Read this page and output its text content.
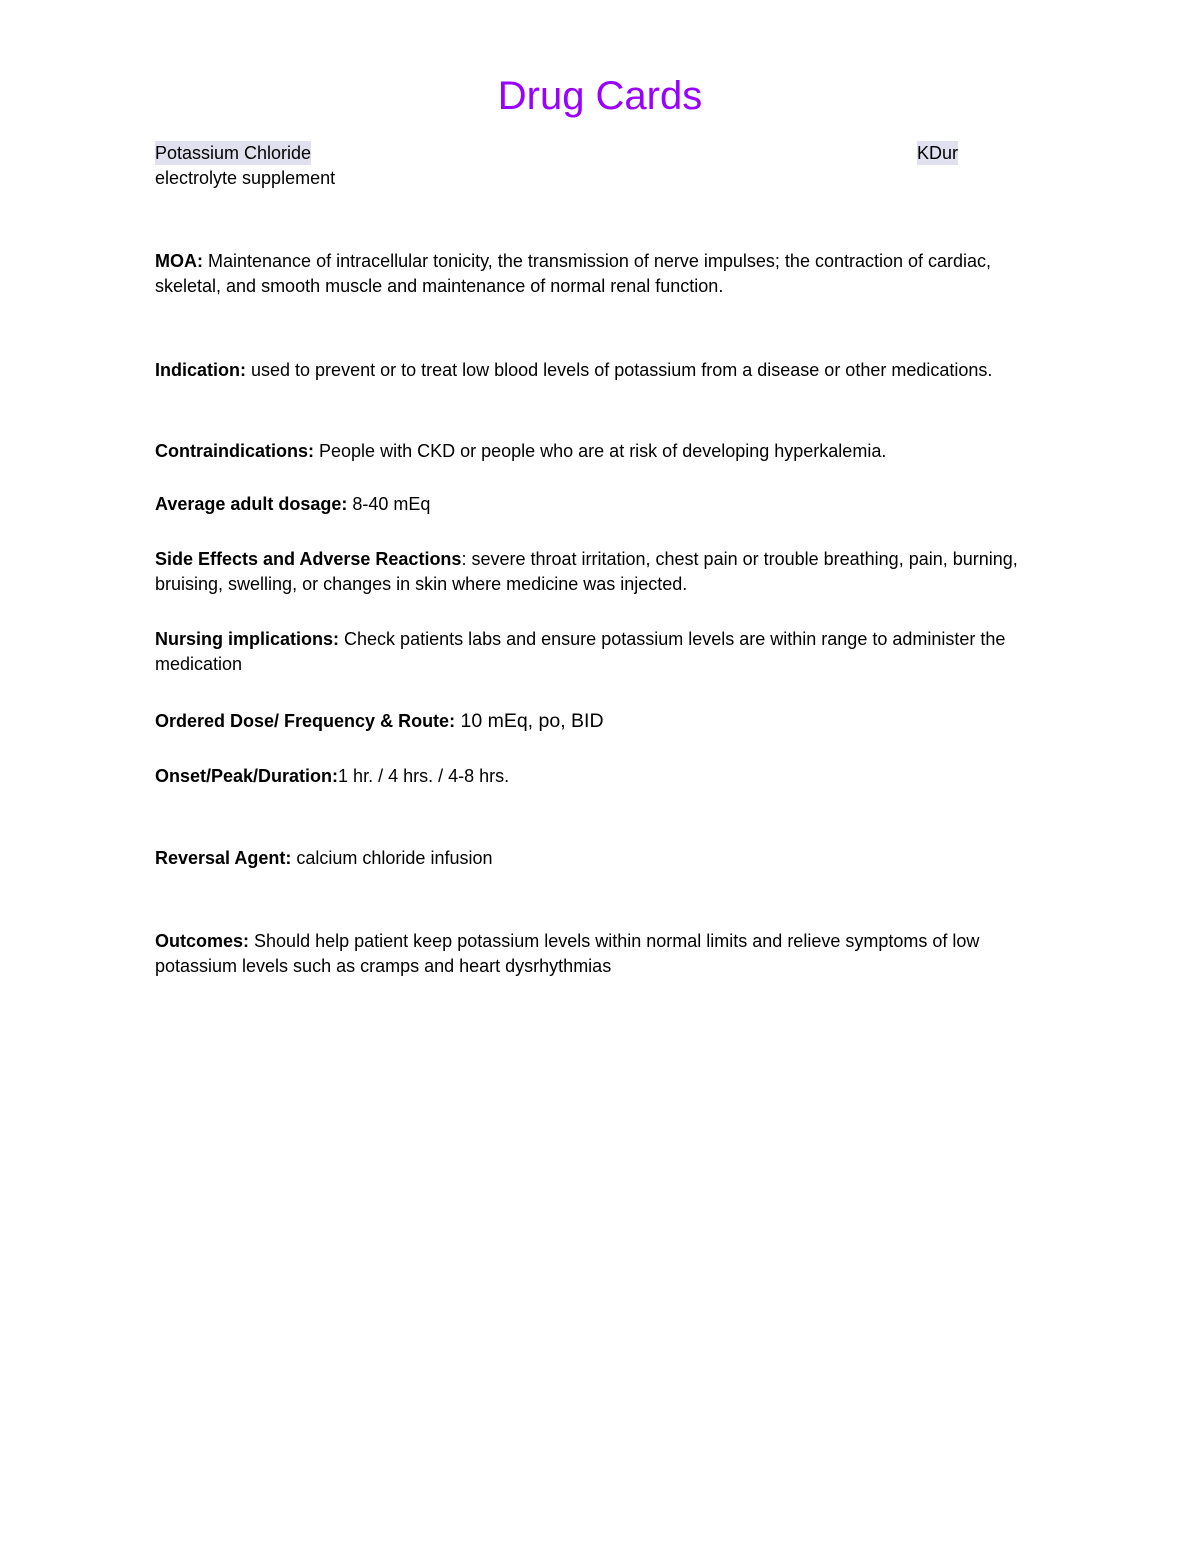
Drug Cards
Potassium Chloride	KDur
electrolyte supplement

MOA: Maintenance of intracellular tonicity, the transmission of nerve impulses; the contraction of cardiac, skeletal, and smooth muscle and maintenance of normal renal function.

Indication: used to prevent or to treat low blood levels of potassium from a disease or other medications.

Contraindications: People with CKD or people who are at risk of developing hyperkalemia.

Average adult dosage: 8-40 mEq

Side Effects and Adverse Reactions: severe throat irritation, chest pain or trouble breathing, pain, burning, bruising, swelling, or changes in skin where medicine was injected.

Nursing implications: Check patients labs and ensure potassium levels are within range to administer the medication

Ordered Dose/ Frequency & Route: 10 mEq, po, BID

Onset/Peak/Duration:1 hr. / 4 hrs. / 4-8 hrs.

Reversal Agent: calcium chloride infusion

Outcomes: Should help patient keep potassium levels within normal limits and relieve symptoms of low potassium levels such as cramps and heart dysrhythmias
